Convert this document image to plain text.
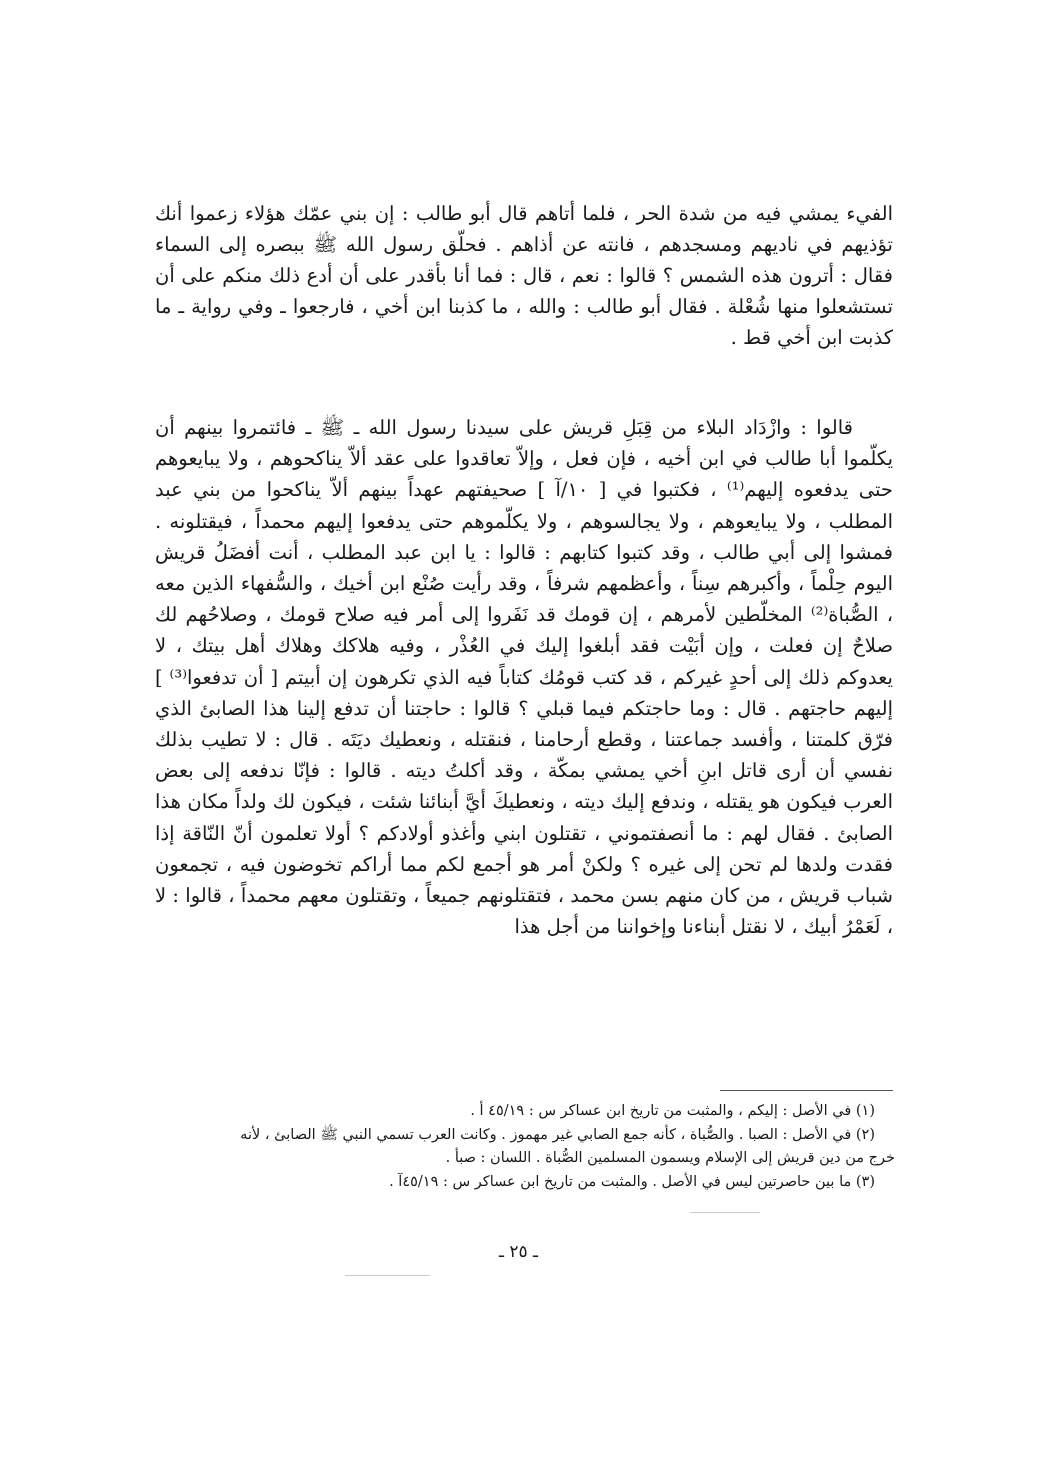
الفيء يمشي فيه من شدة الحر ، فلما أتاهم قال أبو طالب : إن بني عمّك هؤلاء زعموا أنك تؤذيهم في ناديهم ومسجدهم ، فانته عن أذاهم . فحلّق رسول الله ﷺ ببصره إلى السماء فقال : أترون هذه الشمس ؟ قالوا : نعم ، قال : فما أنا بأقدر على أن أدع ذلك منكم على أن تستشعلوا منها شُعْلة . فقال أبو طالب : والله ، ما كذبنا ابن أخي ، فارجعوا ـ وفي رواية ـ ما كذبت ابن أخي قط .
قالوا : وازْدَاد البلاء من قِبَلِ قريش على سيدنا رسول الله ـ ﷺ ـ فائتمروا بينهم أن يكلّموا أبا طالب في ابن أخيه ، فإن فعل ، وإلاّ تعاقدوا على عقد ألاّ يناكحوهم ، ولا يبايعوهم حتى يدفعوه إليهم⁽¹⁾ ، فكتبوا في [ ١٠/آ ] صحيفتهم عهداً بينهم ألاّ يناكحوا من بني عبد المطلب ، ولا يبايعوهم ، ولا يجالسوهم ، ولا يكلّموهم حتى يدفعوا إليهم محمداً ، فيقتلونه . فمشوا إلى أبي طالب ، وقد كتبوا كتابهم : قالوا : يا ابن عبد المطلب ، أنت أفضَلُ قريش اليوم حِلْماً ، وأكبرهم سِناً ، وأعظمهم شرفاً ، وقد رأيت صُنْع ابن أخيك ، والسُّفهاء الذين معه ، الصُّباة⁽²⁾ المخلّطين لأمرهم ، إن قومك قد نَفَروا إلى أمر فيه صلاح قومك ، وصلاحُهم لك صلاحٌ إن فعلت ، وإن أبَيْت فقد أبلغوا إليك في العُذْر ، وفيه هلاكك وهلاك أهل بيتك ، لا يعدوكم ذلك إلى أحدٍ غيركم ، قد كتب قومُك كتاباً فيه الذي تكرهون إن أبيتم [ أن تدفعوا⁽³⁾ ] إليهم حاجتهم . قال : وما حاجتكم فيما قبلي ؟ قالوا : حاجتنا أن تدفع إلينا هذا الصابئ الذي فرّق كلمتنا ، وأفسد جماعتنا ، وقطع أرحامنا ، فنقتله ، ونعطيك ديَتَه . قال : لا تطيب بذلك نفسي أن أرى قاتل ابنِ أخي يمشي بمكّة ، وقد أكلتُ ديته . قالوا : فإنّا ندفعه إلى بعض العرب فيكون هو يقتله ، وندفع إليك ديته ، ونعطيكَ أيَّ أبنائنا شئت ، فيكون لك ولداً مكان هذا الصابئ . فقال لهم : ما أنصفتموني ، تقتلون ابني وأغذو أولادكم ؟ أولا تعلمون أنّ النّاقة إذا فقدت ولدها لم تحن إلى غيره ؟ ولكنْ أمر هو أجمع لكم مما أراكم تخوضون فيه ، تجمعون شباب قريش ، من كان منهم بسن محمد ، فتقتلونهم جميعاً ، وتقتلون معهم محمداً ، قالوا : لا ، لَعَمْرُ أبيك ، لا نقتل أبناءنا وإخواننا من أجل هذا

(١) في الأصل : إليكم ، والمثبت من تاريخ ابن عساكر س : ٤٥/١٩ أ .

(٢) في الأصل : الصبا . والصُّباة ، كأنه جمع الصابي غير مهموز . وكانت العرب تسمي النبي ﷺ الصابئ ، لأنه

خرج من دين قريش إلى الإسلام ويسمون المسلمين الصُّباة . اللسان : صبأ .

(٣) ما بين حاصرتين ليس في الأصل . والمثبت من تاريخ ابن عساكر س : ٤٥/١٩آ .

ـ ٢٥ ـ
